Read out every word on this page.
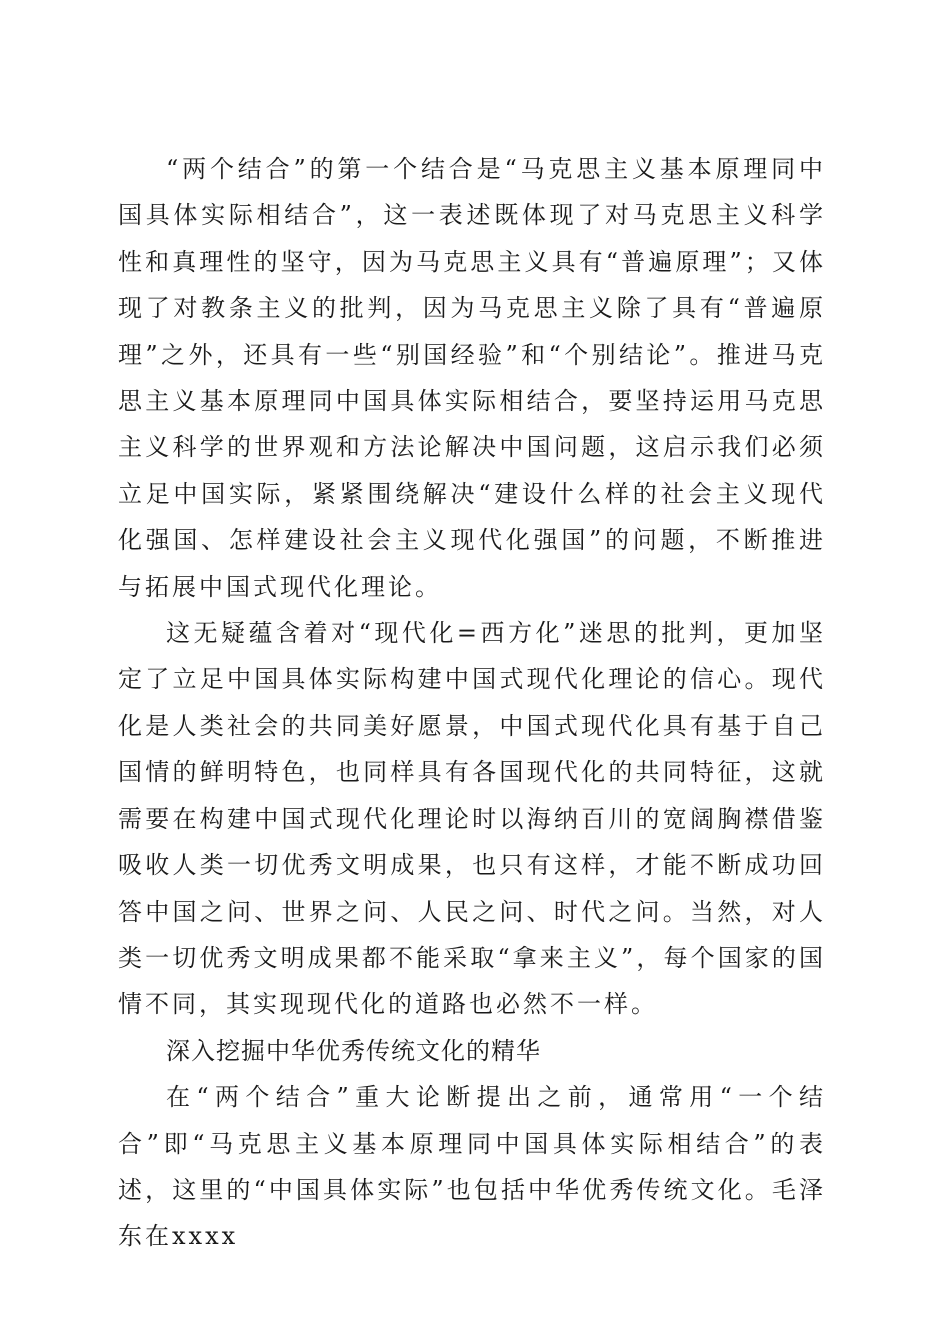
“两个结合”的第一个结合是“马克思主义基本原理同中国具体实际相结合”，这一表述既体现了对马克思主义科学性和真理性的坚守，因为马克思主义具有“普遍原理”；又体现了对教条主义的批判，因为马克思主义除了具有“普遍原理”之外，还具有一些“别国经验”和“个别结论”。推进马克思主义基本原理同中国具体实际相结合，要坚持运用马克思主义科学的世界观和方法论解决中国问题，这启示我们必须立足中国实际，紧紧围绕解决“建设什么样的社会主义现代化强国、怎样建设社会主义现代化强国”的问题，不断推进与拓展中国式现代化理论。

这无疑蕴含着对“现代化=西方化”迷思的批判，更加坚定了立足中国具体实际构建中国式现代化理论的信心。现代化是人类社会的共同美好愿景，中国式现代化具有基于自己国情的鲜明特色，也同样具有各国现代化的共同特征，这就需要在构建中国式现代化理论时以海纳百川的宽阔胸襟借鉴吸收人类一切优秀文明成果，也只有这样，才能不断成功回答中国之问、世界之问、人民之问、时代之问。当然，对人类一切优秀文明成果都不能采取“拿来主义”，每个国家的国情不同，其实现现代化的道路也必然不一样。

深入挖掘中华优秀传统文化的精华

在“两个结合”重大论断提出之前，通常用“一个结合”即“马克思主义基本原理同中国具体实际相结合”的表述，这里的“中国具体实际”也包括中华优秀传统文化。毛泽东在xxxx
